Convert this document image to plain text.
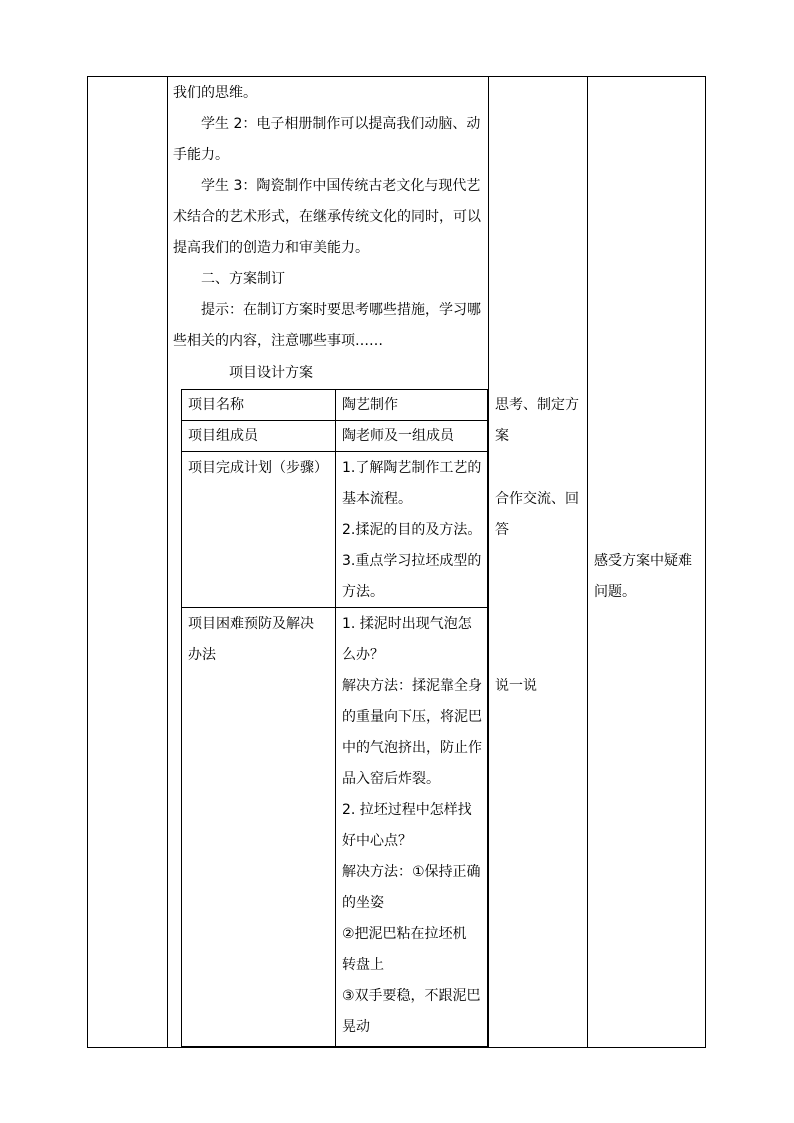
我们的思维。
学生 2：电子相册制作可以提高我们动脑、动
手能力。
学生 3：陶瓷制作中国传统古老文化与现代艺
术结合的艺术形式，在继承传统文化的同时，可以
提高我们的创造力和审美能力。
二、方案制订
提示：在制订方案时要思考哪些措施，学习哪
些相关的内容，注意哪些事项……
项目设计方案
项目名称	陶艺制作
项目组成员	陶老师及一组成员
项目完成计划（步骤） 1.了解陶艺制作工艺的
基本流程。
2.揉泥的目的及方法。
3.重点学习拉坯成型的
方法。
项目困难预防及解决
办法
1. 揉泥时出现气泡怎
么办？
解决方法：揉泥靠全身
的重量向下压，将泥巴
中的气泡挤出，防止作
品入窑后炸裂。
2. 拉坯过程中怎样找
好中心点？
解决方法：①保持正确
的坐姿
②把泥巴粘在拉坯机
转盘上
③双手要稳，不跟泥巴
晃动
思考、制定方
案
合作交流、回
答
说一说
感受方案中疑难
问题。
